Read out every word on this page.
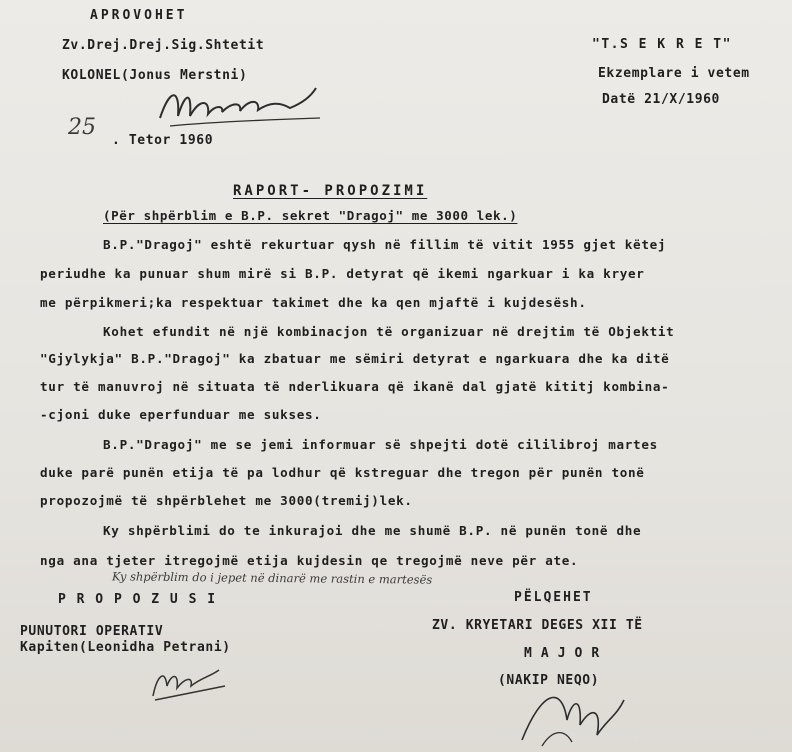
APROVOHET
Zv.Drej.Drej.Sig.Shtetit
KOLONEL(Jonus Merstni)
25
. Tetor 1960
"T.S E K R E T"
Ekzemplare i vetem
Datë 21/X/1960
RAPORT- PROPOZIMI
(Për shpërblim e B.P. sekret "Dragoj" me 3000 lek.)
B.P."Dragoj" eshtë rekurtuar qysh në fillim të vitit 1955 gjet këtej
periudhe ka punuar shum mirë si B.P. detyrat që ikemi ngarkuar i ka kryer
me përpikmeri;ka respektuar takimet dhe ka qen mjaftë i kujdesësh.
Kohet efundit në një kombinacjon të organizuar në drejtim të Objektit
"Gjylykja" B.P."Dragoj" ka zbatuar me sëmiri detyrat e ngarkuara dhe ka ditë
tur të manuvroj në situata të nderlikuara që ikanë dal gjatë kititj kombina-
-cjoni duke eperfunduar me sukses.
B.P."Dragoj" me se jemi informuar së shpejti dotë cililibroj martes
duke parë punën etija të pa lodhur që kstreguar dhe tregon për punën tonë
propozojmë të shpërblehet me 3000(tremij)lek.
Ky shpërblimi do te inkurajoi dhe me shumë B.P. në punën tonë dhe
nga ana tjeter itregojmë etija kujdesin qe tregojmë neve për ate.
Ky shpërblim do i jepet në dinarë me rastin e martesës
P R O P O Z U S I
PUNUTORI OPERATIV
Kapiten(Leonidha Petrani)
PËLQEHET
ZV. KRYETARI DEGES XII TË
M A J O R
(NAKIP NEQO)
